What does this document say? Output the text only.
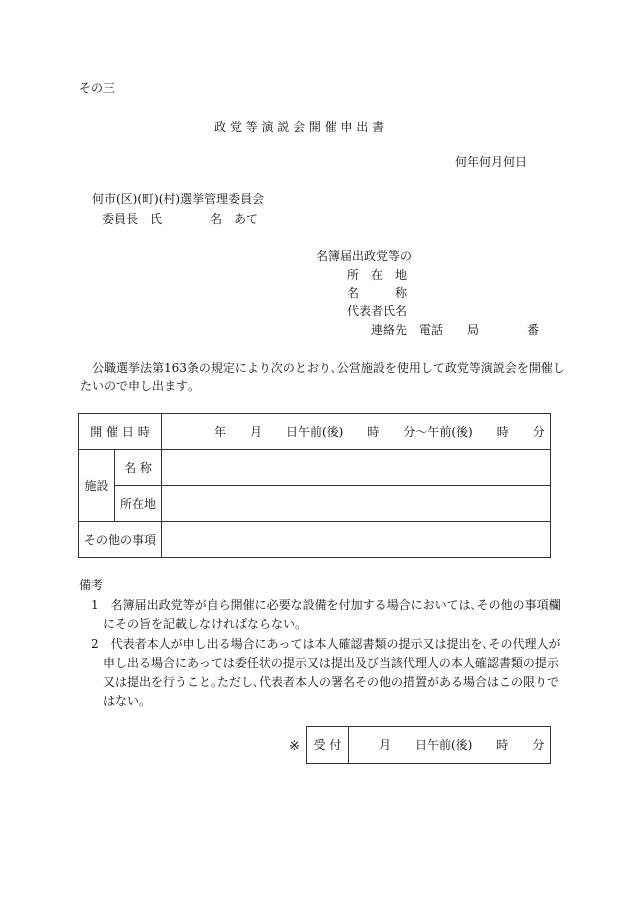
その三
政 党 等 演 説 会 開 催 申 出 書
何年何月何日
何市(区)(町)(村)選挙管理委員会
委員長　氏　　　　名　あて
名簿届出政党等の
所　在　地
名　　　称
代表者氏名
連絡先　電話　　局　　　　番
公職選挙法第163条の規定により次のとおり､公営施設を使用して政党等演説会を開催し
たいので申し出ます｡
開 催 日 時		年　　月　　日午前(後)　　時　　分～午前(後)　　時　　分
施設	名 称	
	所在地	
その他の事項		
備考
1　名簿届出政党等が自ら開催に必要な設備を付加する場合においては､その他の事項欄
にその旨を記載しなければならない｡
2　代表者本人が申し出る場合にあっては本人確認書類の提示又は提出を､その代理人が
申し出る場合にあっては委任状の提示又は提出及び当該代理人の本人確認書類の提示
又は提出を行うこと｡ただし､代表者本人の署名その他の措置がある場合はこの限りで
はない｡
※ 受 付	月　　日午前(後)　　時　　分
